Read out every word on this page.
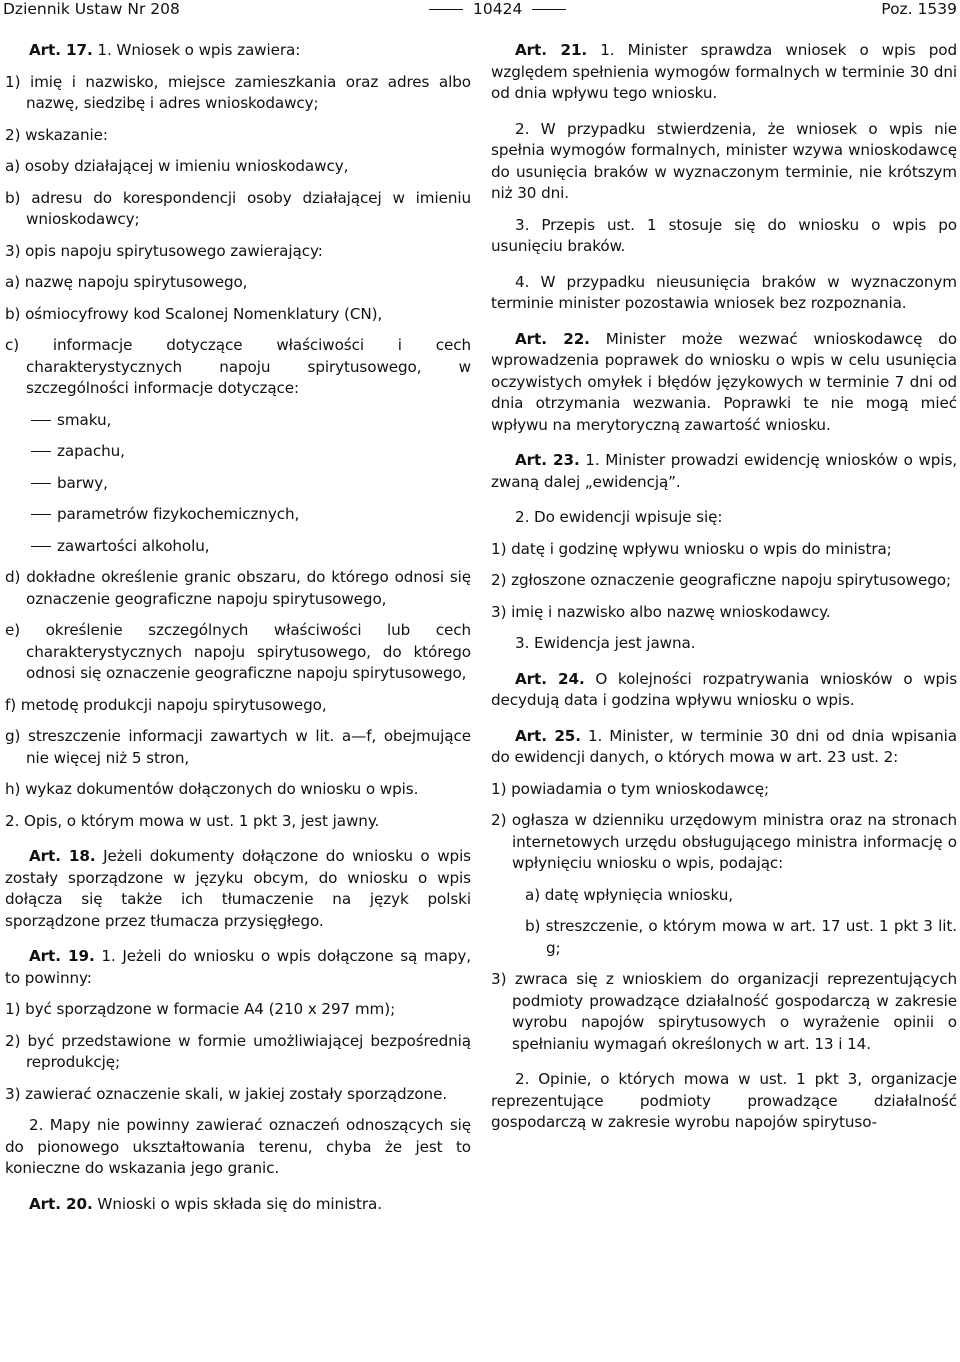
Dziennik Ustaw Nr 208	10424	Poz. 1539

Art. 17. 1. Wniosek o wpis zawiera:

1) imię i nazwisko, miejsce zamieszkania oraz adres albo nazwę, siedzibę i adres wnioskodawcy;

2) wskazanie:

a) osoby działającej w imieniu wnioskodawcy,

b) adresu do korespondencji osoby działającej w imieniu wnioskodawcy;

3) opis napoju spirytusowego zawierający:

a) nazwę napoju spirytusowego,

b) ośmiocyfrowy kod Scalonej Nomenklatury (CN),

c) informacje dotyczące właściwości i cech charakterystycznych napoju spirytusowego, w szczególności informacje dotyczące:

smaku,

zapachu,

barwy,

parametrów fizykochemicznych,

zawartości alkoholu,

d) dokładne określenie granic obszaru, do którego odnosi się oznaczenie geograficzne napoju spirytusowego,

e) określenie szczególnych właściwości lub cech charakterystycznych napoju spirytusowego, do którego odnosi się oznaczenie geograficzne napoju spirytusowego,

f) metodę produkcji napoju spirytusowego,

g) streszczenie informacji zawartych w lit. a—f, obejmujące nie więcej niż 5 stron,

h) wykaz dokumentów dołączonych do wniosku o wpis.

2. Opis, o którym mowa w ust. 1 pkt 3, jest jawny.

Art. 18. Jeżeli dokumenty dołączone do wniosku o wpis zostały sporządzone w języku obcym, do wniosku o wpis dołącza się także ich tłumaczenie na język polski sporządzone przez tłumacza przysięgłego.

Art. 19. 1. Jeżeli do wniosku o wpis dołączone są mapy, to powinny:

1) być sporządzone w formacie A4 (210 x 297 mm);

2) być przedstawione w formie umożliwiającej bezpośrednią reprodukcję;

3) zawierać oznaczenie skali, w jakiej zostały sporządzone.

2. Mapy nie powinny zawierać oznaczeń odnoszących się do pionowego ukształtowania terenu, chyba że jest to konieczne do wskazania jego granic.

Art. 20. Wnioski o wpis składa się do ministra.

Art. 21. 1. Minister sprawdza wniosek o wpis pod względem spełnienia wymogów formalnych w terminie 30 dni od dnia wpływu tego wniosku.

2. W przypadku stwierdzenia, że wniosek o wpis nie spełnia wymogów formalnych, minister wzywa wnioskodawcę do usunięcia braków w wyznaczonym terminie, nie krótszym niż 30 dni.

3. Przepis ust. 1 stosuje się do wniosku o wpis po usunięciu braków.

4. W przypadku nieusunięcia braków w wyznaczonym terminie minister pozostawia wniosek bez rozpoznania.

Art. 22. Minister może wezwać wnioskodawcę do wprowadzenia poprawek do wniosku o wpis w celu usunięcia oczywistych omyłek i błędów językowych w terminie 7 dni od dnia otrzymania wezwania. Poprawki te nie mogą mieć wpływu na merytoryczną zawartość wniosku.

Art. 23. 1. Minister prowadzi ewidencję wniosków o wpis, zwaną dalej „ewidencją”.

2. Do ewidencji wpisuje się:

1) datę i godzinę wpływu wniosku o wpis do ministra;

2) zgłoszone oznaczenie geograficzne napoju spirytusowego;

3) imię i nazwisko albo nazwę wnioskodawcy.

3. Ewidencja jest jawna.

Art. 24. O kolejności rozpatrywania wniosków o wpis decydują data i godzina wpływu wniosku o wpis.

Art. 25. 1. Minister, w terminie 30 dni od dnia wpisania do ewidencji danych, o których mowa w art. 23 ust. 2:

1) powiadamia o tym wnioskodawcę;

2) ogłasza w dzienniku urzędowym ministra oraz na stronach internetowych urzędu obsługującego ministra informację o wpłynięciu wniosku o wpis, podając:

a) datę wpłynięcia wniosku,

b) streszczenie, o którym mowa w art. 17 ust. 1 pkt 3 lit. g;

3) zwraca się z wnioskiem do organizacji reprezentujących podmioty prowadzące działalność gospodarczą w zakresie wyrobu napojów spirytusowych o wyrażenie opinii o spełnianiu wymagań określonych w art. 13 i 14.

2. Opinie, o których mowa w ust. 1 pkt 3, organizacje reprezentujące podmioty prowadzące działalność gospodarczą w zakresie wyrobu napojów spirytuso-
